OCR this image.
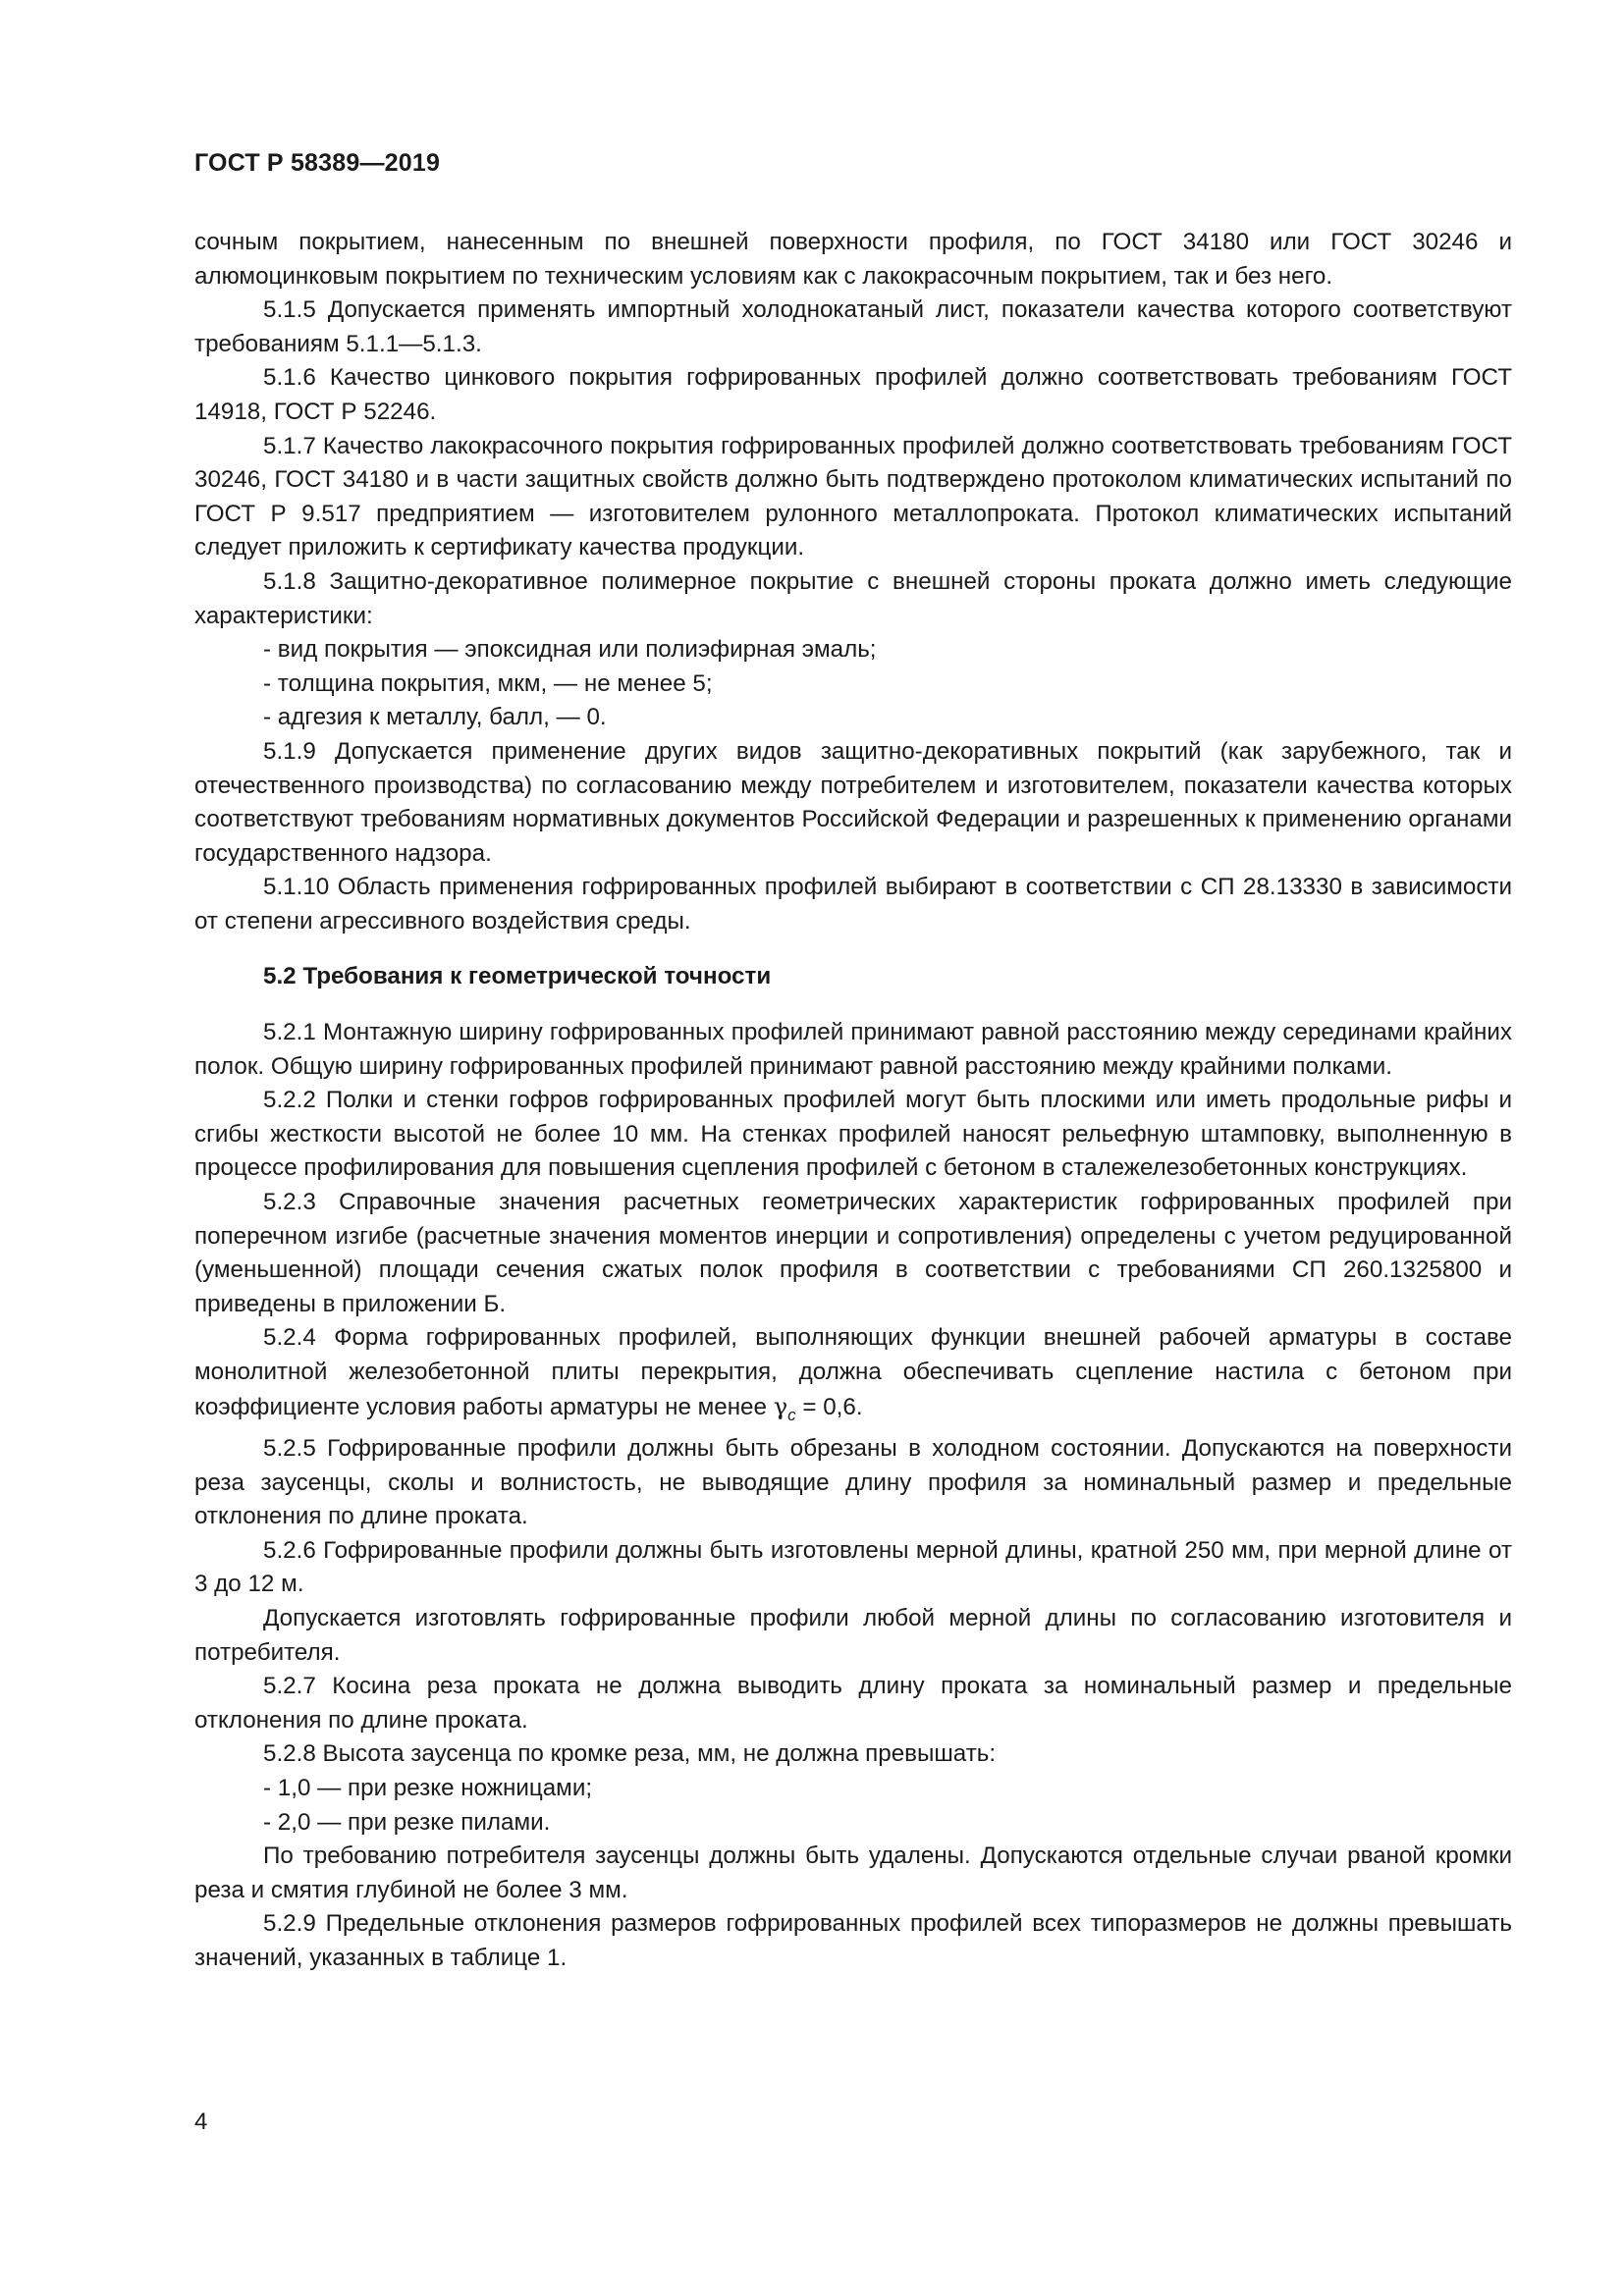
ГОСТ Р 58389—2019

сочным покрытием, нанесенным по внешней поверхности профиля, по ГОСТ 34180 или ГОСТ 30246 и алюмоцинковым покрытием по техническим условиям как с лакокрасочным покрытием, так и без него.

5.1.5 Допускается применять импортный холоднокатаный лист, показатели качества которого соответствуют требованиям 5.1.1—5.1.3.

5.1.6 Качество цинкового покрытия гофрированных профилей должно соответствовать требованиям ГОСТ 14918, ГОСТ Р 52246.

5.1.7 Качество лакокрасочного покрытия гофрированных профилей должно соответствовать требованиям ГОСТ 30246, ГОСТ 34180 и в части защитных свойств должно быть подтверждено протоколом климатических испытаний по ГОСТ Р 9.517 предприятием — изготовителем рулонного металлопроката. Протокол климатических испытаний следует приложить к сертификату качества продукции.

5.1.8 Защитно-декоративное полимерное покрытие с внешней стороны проката должно иметь следующие характеристики:

- вид покрытия — эпоксидная или полиэфирная эмаль;

- толщина покрытия, мкм, — не менее 5;

- адгезия к металлу, балл, — 0.

5.1.9 Допускается применение других видов защитно-декоративных покрытий (как зарубежного, так и отечественного производства) по согласованию между потребителем и изготовителем, показатели качества которых соответствуют требованиям нормативных документов Российской Федерации и разрешенных к применению органами государственного надзора.

5.1.10 Область применения гофрированных профилей выбирают в соответствии с СП 28.13330 в зависимости от степени агрессивного воздействия среды.

5.2 Требования к геометрической точности

5.2.1 Монтажную ширину гофрированных профилей принимают равной расстоянию между серединами крайних полок. Общую ширину гофрированных профилей принимают равной расстоянию между крайними полками.

5.2.2 Полки и стенки гофров гофрированных профилей могут быть плоскими или иметь продольные рифы и сгибы жесткости высотой не более 10 мм. На стенках профилей наносят рельефную штамповку, выполненную в процессе профилирования для повышения сцепления профилей с бетоном в сталежелезобетонных конструкциях.

5.2.3 Справочные значения расчетных геометрических характеристик гофрированных профилей при поперечном изгибе (расчетные значения моментов инерции и сопротивления) определены с учетом редуцированной (уменьшенной) площади сечения сжатых полок профиля в соответствии с требованиями СП 260.1325800 и приведены в приложении Б.

5.2.4 Форма гофрированных профилей, выполняющих функции внешней рабочей арматуры в составе монолитной железобетонной плиты перекрытия, должна обеспечивать сцепление настила с бетоном при коэффициенте условия работы арматуры не менее $\gamma_c = 0,6$.

5.2.5 Гофрированные профили должны быть обрезаны в холодном состоянии. Допускаются на поверхности реза заусенцы, сколы и волнистость, не выводящие длину профиля за номинальный размер и предельные отклонения по длине проката.

5.2.6 Гофрированные профили должны быть изготовлены мерной длины, кратной 250 мм, при мерной длине от 3 до 12 м.

Допускается изготовлять гофрированные профили любой мерной длины по согласованию изготовителя и потребителя.

5.2.7 Косина реза проката не должна выводить длину проката за номинальный размер и предельные отклонения по длине проката.

5.2.8 Высота заусенца по кромке реза, мм, не должна превышать:

- 1,0 — при резке ножницами;

- 2,0 — при резке пилами.

По требованию потребителя заусенцы должны быть удалены. Допускаются отдельные случаи рваной кромки реза и смятия глубиной не более 3 мм.

5.2.9 Предельные отклонения размеров гофрированных профилей всех типоразмеров не должны превышать значений, указанных в таблице 1.

4
